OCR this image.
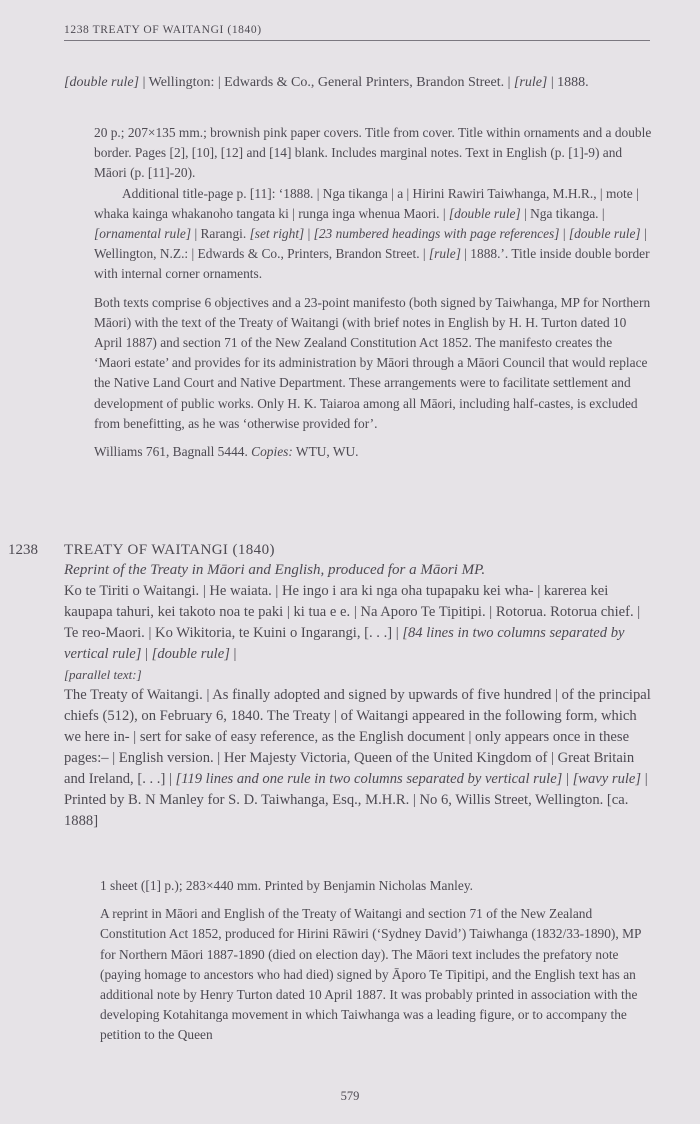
1238 TREATY OF WAITANGI (1840)

[double rule] | Wellington: | Edwards & Co., General Printers, Brandon Street. | [rule] | 1888.

20 p.; 207×135 mm.; brownish pink paper covers. Title from cover. Title within ornaments and a double border. Pages [2], [10], [12] and [14] blank. Includes marginal notes. Text in English (p. [1]-9) and Māori (p. [11]-20).

Additional title-page p. [11]: ‘1888. | Nga tikanga | a | Hirini Rawiri Taiwhanga, M.H.R., | mote | whaka kainga whakanoho tangata ki | runga inga whenua Maori. | [double rule] | Nga tikanga. | [ornamental rule] | Rarangi. [set right] | [23 numbered headings with page references] | [double rule] | Wellington, N.Z.: | Edwards & Co., Printers, Brandon Street. | [rule] | 1888.’. Title inside double border with internal corner ornaments.

Both texts comprise 6 objectives and a 23-point manifesto (both signed by Taiwhanga, MP for Northern Māori) with the text of the Treaty of Waitangi (with brief notes in English by H. H. Turton dated 10 April 1887) and section 71 of the New Zealand Constitution Act 1852. The manifesto creates the ‘Maori estate’ and provides for its administration by Māori through a Māori Council that would replace the Native Land Court and Native Department. These arrangements were to facilitate settlement and development of public works. Only H. K. Taiaroa among all Māori, including half-castes, is excluded from benefitting, as he was ‘otherwise provided for’.

Williams 761, Bagnall 5444. Copies: WTU, WU.

1238 TREATY OF WAITANGI (1840)

Reprint of the Treaty in Māori and English, produced for a Māori MP.

Ko te Tiriti o Waitangi. | He waiata. | He ingo i ara ki nga oha tupapaku kei wha- | karerea kei kaupapa tahuri, kei takoto noa te paki | ki tua e e. | Na Aporo Te Tipitipi. | Rotorua. Rotorua chief. | Te reo-Maori. | Ko Wikitoria, te Kuini o Ingarangi, [. . .] | [84 lines in two columns separated by vertical rule] | [double rule] |

[parallel text:]

The Treaty of Waitangi. | As finally adopted and signed by upwards of five hundred | of the principal chiefs (512), on February 6, 1840. The Treaty | of Waitangi appeared in the following form, which we here in- | sert for sake of easy reference, as the English document | only appears once in these pages:– | English version. | Her Majesty Victoria, Queen of the United Kingdom of | Great Britain and Ireland, [. . .] | [119 lines and one rule in two columns separated by vertical rule] | [wavy rule] | Printed by B. N Manley for S. D. Taiwhanga, Esq., M.H.R. | No 6, Willis Street, Wellington. [ca. 1888]

1 sheet ([1] p.); 283×440 mm. Printed by Benjamin Nicholas Manley.

A reprint in Māori and English of the Treaty of Waitangi and section 71 of the New Zealand Constitution Act 1852, produced for Hirini Rāwiri (‘Sydney David’) Taiwhanga (1832/33-1890), MP for Northern Māori 1887-1890 (died on election day). The Māori text includes the prefatory note (paying homage to ancestors who had died) signed by Āporo Te Tipitipi, and the English text has an additional note by Henry Turton dated 10 April 1887. It was probably printed in association with the developing Kotahitanga movement in which Taiwhanga was a leading figure, or to accompany the petition to the Queen

579
